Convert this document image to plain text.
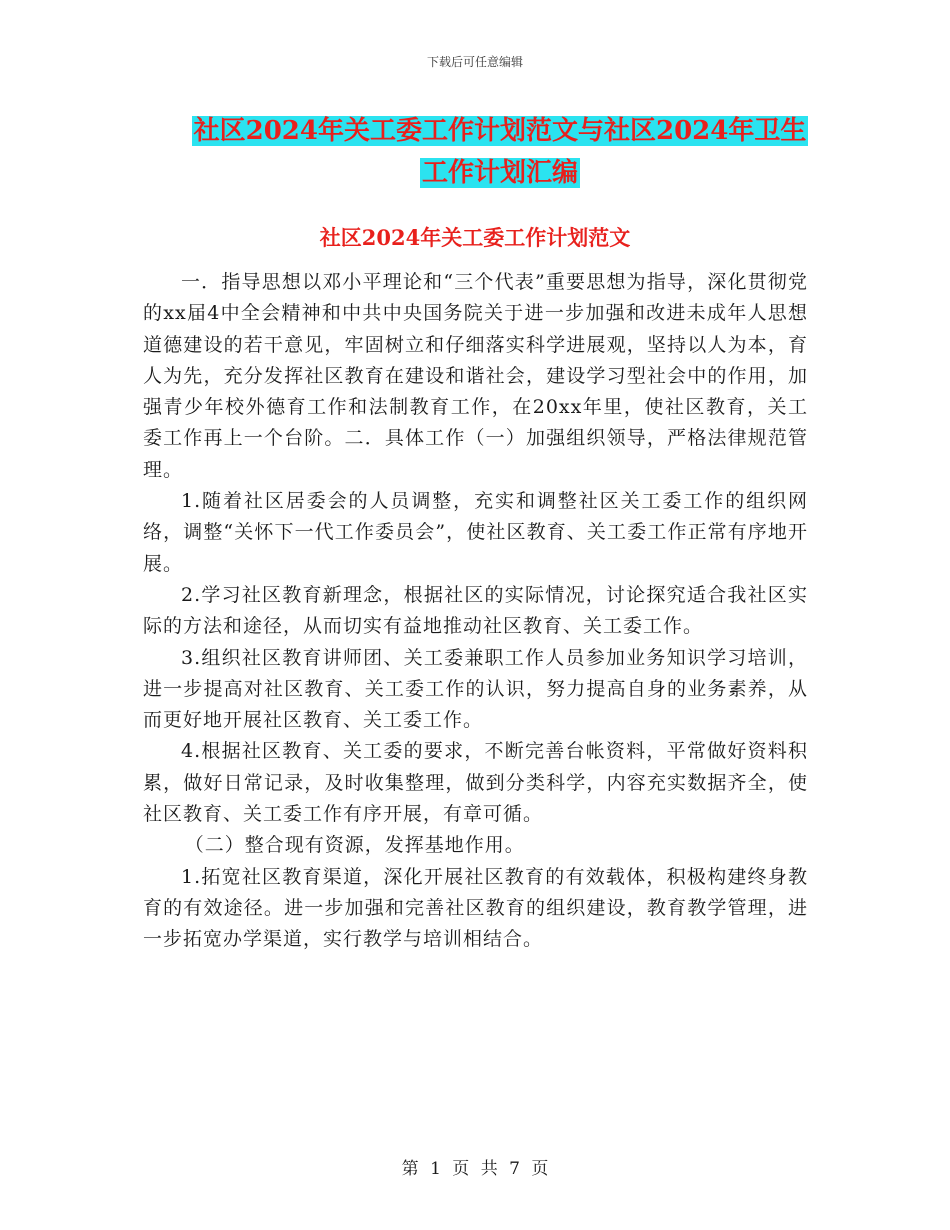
下载后可任意编辑
社区2024年关工委工作计划范文与社区2024年卫生
工作计划汇编
社区2024年关工委工作计划范文

一．指导思想以邓小平理论和“三个代表”重要思想为指导，深化贯彻党的xx届4中全会精神和中共中央国务院关于进一步加强和改进未成年人思想道德建设的若干意见，牢固树立和仔细落实科学进展观，坚持以人为本，育人为先，充分发挥社区教育在建设和谐社会，建设学习型社会中的作用，加强青少年校外德育工作和法制教育工作，在20xx年里，使社区教育，关工委工作再上一个台阶。二．具体工作（一）加强组织领导，严格法律规范管理。

1.随着社区居委会的人员调整，充实和调整社区关工委工作的组织网络，调整“关怀下一代工作委员会”，使社区教育、关工委工作正常有序地开展。

2.学习社区教育新理念，根据社区的实际情况，讨论探究适合我社区实际的方法和途径，从而切实有益地推动社区教育、关工委工作。

3.组织社区教育讲师团、关工委兼职工作人员参加业务知识学习培训，进一步提高对社区教育、关工委工作的认识，努力提高自身的业务素养，从而更好地开展社区教育、关工委工作。

4.根据社区教育、关工委的要求，不断完善台帐资料，平常做好资料积累，做好日常记录，及时收集整理，做到分类科学，内容充实数据齐全，使社区教育、关工委工作有序开展，有章可循。

（二）整合现有资源，发挥基地作用。

1.拓宽社区教育渠道，深化开展社区教育的有效载体，积极构建终身教育的有效途径。进一步加强和完善社区教育的组织建设，教育教学管理，进一步拓宽办学渠道，实行教学与培训相结合。

第 1 页 共 7 页
